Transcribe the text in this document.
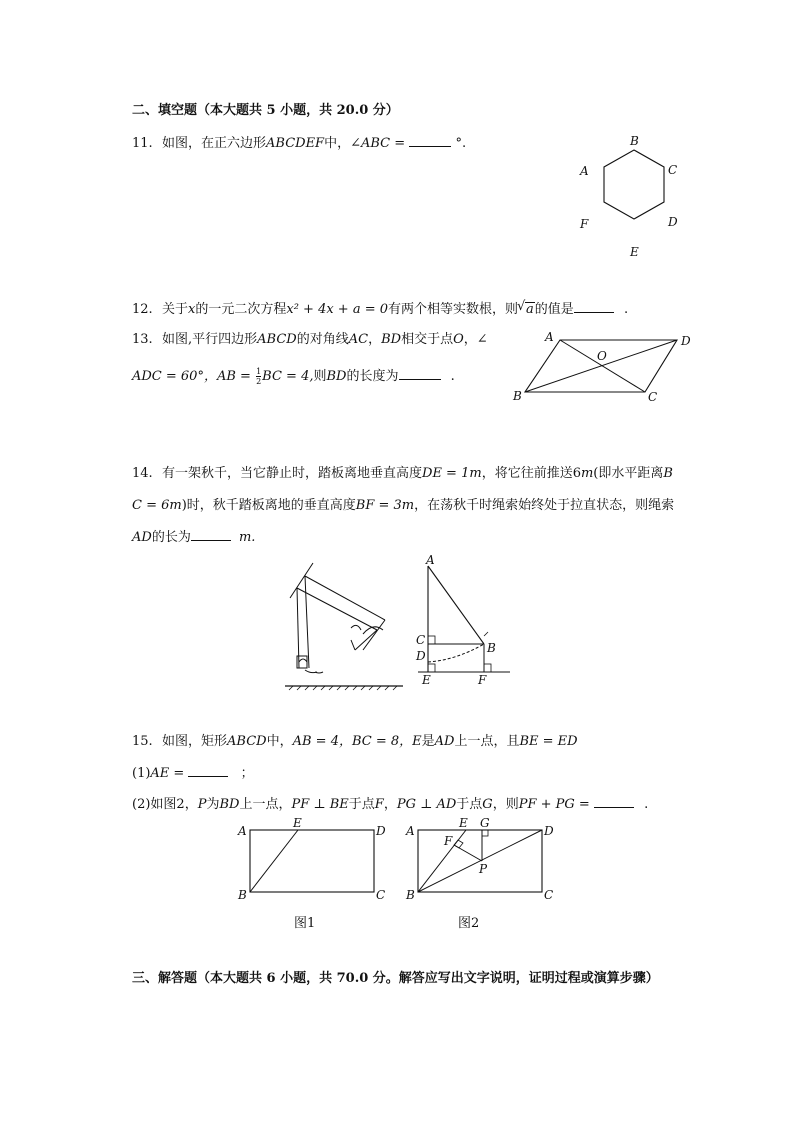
二、填空题（本大题共 5 小题，共 20.0 分）
11. 如图，在正六边形ABCDEF中，∠ABC =	°.	B
C
D
E
F
A
12. 关于x的一元二次方程x² + 4x + a = 0有两个相等实数根，则√ a的值是	.
13. 如图,平行四边形ABCD的对角线AC，BD相交于点O，∠
ADC = 60°，AB = $\frac{1}{2}$ BC = 4,则BD的长度为	.
A	D
C
B
O
14. 有一架秋千，当它静止时，踏板离地垂直高度DE = 1m，将它往前推送6m(即水平距离B
C = 6m)时，秋千踏板离地的垂直高度BF = 3m，在荡秋千时绳索始终处于拉直状态，则绳索
AD的长为	m.
A
C
D
E	F
B
15. 如图，矩形ABCD中，AB = 4，BC = 8，E是AD上一点，且BE = ED
(1)AE =	；
(2)如图2，P为BD上一点，PF ⊥ BE于点F，PG ⊥ AD于点G，则PF + PG =	.
A
E
D
B	C
图1
A
E G
D
F
P
B	C
图2
三、解答题（本大题共 6 小题，共 70.0 分。解答应写出文字说明，证明过程或演算步骤）
